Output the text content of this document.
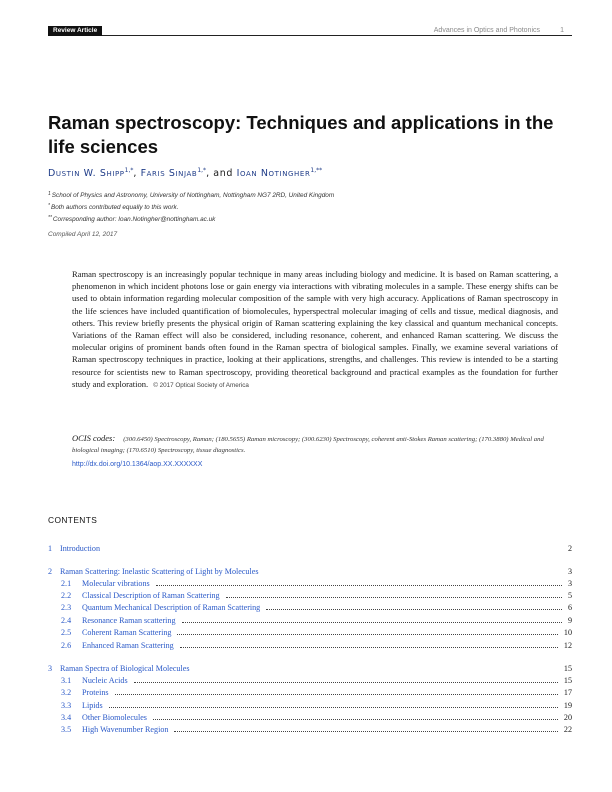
Review Article	Advances in Optics and Photonics	1
Raman spectroscopy: Techniques and applications in the life sciences
Dustin W. Shipp$^{1,*}$, Faris Sinjab$^{1,*}$, and Ioan Notingher$^{1,**}$
$^1$School of Physics and Astronomy, University of Nottingham, Nottingham NG7 2RD, United Kingdom
*Both authors contributed equally to this work.
**Corresponding author: Ioan.Notingher@nottingham.ac.uk
Compiled April 12, 2017

Raman spectroscopy is an increasingly popular technique in many areas including biology and medicine. It is based on Raman scattering, a phenomenon in which incident photons lose or gain energy via interactions with vibrating molecules in a sample. These energy shifts can be used to obtain information regarding molecular composition of the sample with very high accuracy. Applications of Raman spectroscopy in the life sciences have included quantification of biomolecules, hyperspectral molecular imaging of cells and tissue, medical diagnosis, and others. This review briefly presents the physical origin of Raman scattering explaining the key classical and quantum mechanical concepts. Variations of the Raman effect will also be considered, including resonance, coherent, and enhanced Raman scattering. We discuss the molecular origins of prominent bands often found in the Raman spectra of biological samples. Finally, we examine several variations of Raman spectroscopy techniques in practice, looking at their applications, strengths, and challenges. This review is intended to be a starting resource for scientists new to Raman spectroscopy, providing theoretical background and practical examples as the foundation for further study and exploration. © 2017 Optical Society of America

OCIS codes: (300.6450) Spectroscopy, Raman; (180.5655) Raman microscopy; (300.6230) Spectroscopy, coherent anti-Stokes Raman scattering; (170.3880) Medical and biological imaging; (170.6510) Spectroscopy, tissue diagnostics.
http://dx.doi.org/10.1364/aop.XX.XXXXXX
CONTENTS
1 Introduction	2
2 Raman Scattering: Inelastic Scattering of Light by Molecules	3
2.1	Molecular vibrations	3
2.2	Classical Description of Raman Scattering	5
2.3	Quantum Mechanical Description of Raman Scattering	6
2.4	Resonance Raman scattering	9
2.5	Coherent Raman Scattering	10
2.6	Enhanced Raman Scattering	12
3 Raman Spectra of Biological Molecules	15
3.1	Nucleic Acids	15
3.2	Proteins	17
3.3	Lipids	19
3.4	Other Biomolecules	20
3.5	High Wavenumber Region	22
